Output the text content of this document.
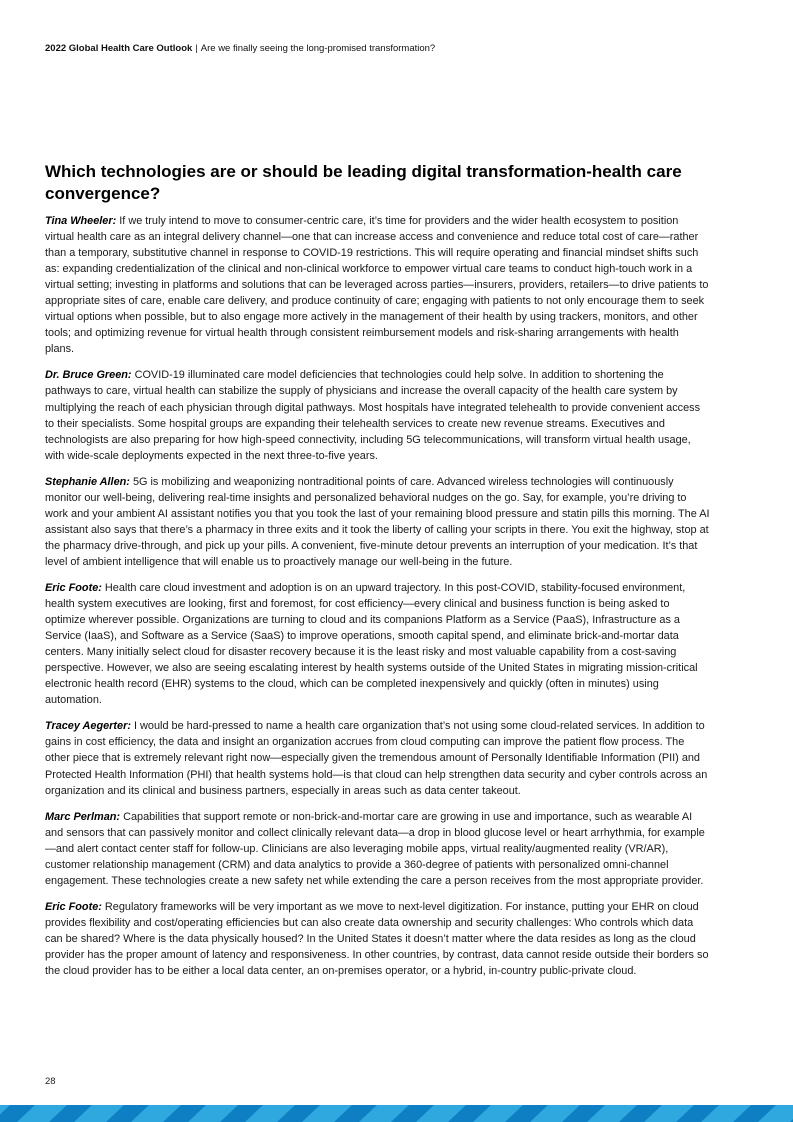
2022 Global Health Care Outlook | Are we finally seeing the long-promised transformation?
Which technologies are or should be leading digital transformation-health care convergence?

Tina Wheeler: If we truly intend to move to consumer-centric care, it’s time for providers and the wider health ecosystem to position virtual health care as an integral delivery channel—one that can increase access and convenience and reduce total cost of care—rather than a temporary, substitutive channel in response to COVID-19 restrictions. This will require operating and financial mindset shifts such as: expanding credentialization of the clinical and non-clinical workforce to empower virtual care teams to conduct high-touch work in a virtual setting; investing in platforms and solutions that can be leveraged across parties—insurers, providers, retailers—to drive patients to appropriate sites of care, enable care delivery, and produce continuity of care; engaging with patients to not only encourage them to seek virtual options when possible, but to also engage more actively in the management of their health by using trackers, monitors, and other tools; and optimizing revenue for virtual health through consistent reimbursement models and risk-sharing arrangements with health plans.

Dr. Bruce Green: COVID-19 illuminated care model deficiencies that technologies could help solve. In addition to shortening the pathways to care, virtual health can stabilize the supply of physicians and increase the overall capacity of the health care system by multiplying the reach of each physician through digital pathways. Most hospitals have integrated telehealth to provide convenient access to their specialists. Some hospital groups are expanding their telehealth services to create new revenue streams. Executives and technologists are also preparing for how high-speed connectivity, including 5G telecommunications, will transform virtual health usage, with wide-scale deployments expected in the next three-to-five years.

Stephanie Allen: 5G is mobilizing and weaponizing nontraditional points of care. Advanced wireless technologies will continuously monitor our well-being, delivering real-time insights and personalized behavioral nudges on the go. Say, for example, you’re driving to work and your ambient AI assistant notifies you that you took the last of your remaining blood pressure and statin pills this morning. The AI assistant also says that there’s a pharmacy in three exits and it took the liberty of calling your scripts in there. You exit the highway, stop at the pharmacy drive-through, and pick up your pills. A convenient, five-minute detour prevents an interruption of your medication. It’s that level of ambient intelligence that will enable us to proactively manage our well-being in the future.

Eric Foote: Health care cloud investment and adoption is on an upward trajectory. In this post-COVID, stability-focused environment, health system executives are looking, first and foremost, for cost efficiency—every clinical and business function is being asked to optimize wherever possible. Organizations are turning to cloud and its companions Platform as a Service (PaaS), Infrastructure as a Service (IaaS), and Software as a Service (SaaS) to improve operations, smooth capital spend, and eliminate brick-and-mortar data centers. Many initially select cloud for disaster recovery because it is the least risky and most valuable capability from a cost-saving perspective. However, we also are seeing escalating interest by health systems outside of the United States in migrating mission-critical electronic health record (EHR) systems to the cloud, which can be completed inexpensively and quickly (often in minutes) using automation.

Tracey Aegerter: I would be hard-pressed to name a health care organization that’s not using some cloud-related services. In addition to gains in cost efficiency, the data and insight an organization accrues from cloud computing can improve the patient flow process. The other piece that is extremely relevant right now—especially given the tremendous amount of Personally Identifiable Information (PII) and Protected Health Information (PHI) that health systems hold—is that cloud can help strengthen data security and cyber controls across an organization and its clinical and business partners, especially in areas such as data center takeout.

Marc Perlman: Capabilities that support remote or non-brick-and-mortar care are growing in use and importance, such as wearable AI and sensors that can passively monitor and collect clinically relevant data—a drop in blood glucose level or heart arrhythmia, for example—and alert contact center staff for follow-up. Clinicians are also leveraging mobile apps, virtual reality/augmented reality (VR/AR), customer relationship management (CRM) and data analytics to provide a 360-degree of patients with personalized omni-channel engagement. These technologies create a new safety net while extending the care a person receives from the most appropriate provider.

Eric Foote: Regulatory frameworks will be very important as we move to next-level digitization. For instance, putting your EHR on cloud provides flexibility and cost/operating efficiencies but can also create data ownership and security challenges: Who controls which data can be shared? Where is the data physically housed? In the United States it doesn’t matter where the data resides as long as the cloud provider has the proper amount of latency and responsiveness. In other countries, by contrast, data cannot reside outside their borders so the cloud provider has to be either a local data center, an on-premises operator, or a hybrid, in-country public-private cloud.

28
